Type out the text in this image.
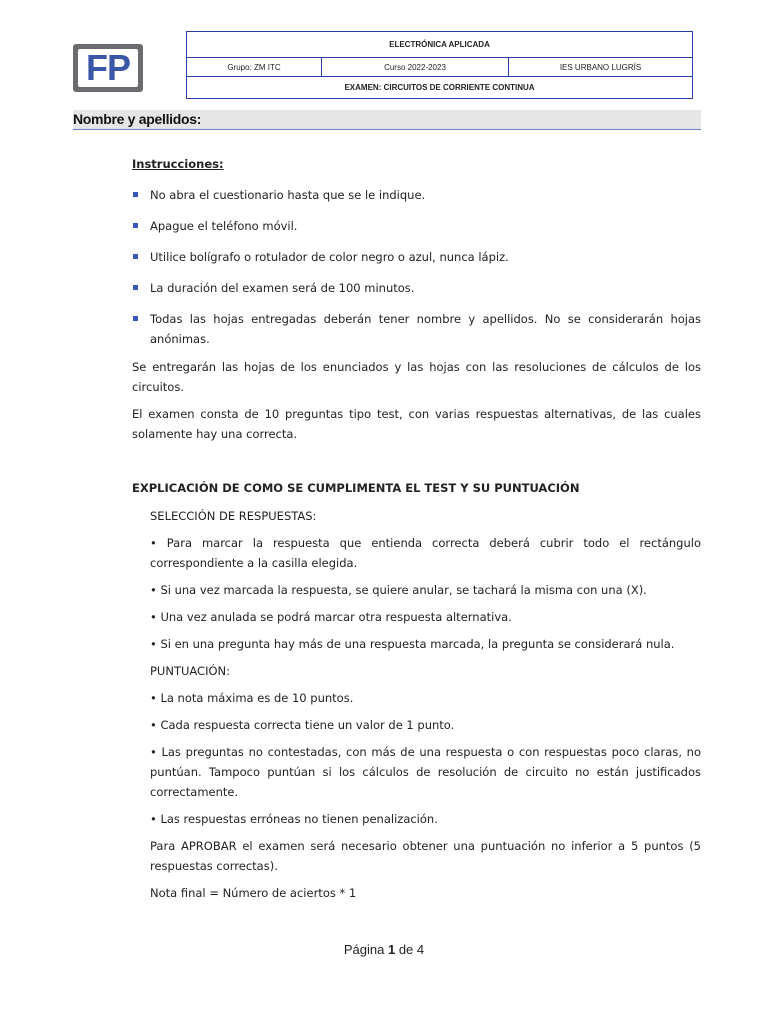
FP
ELECTRÓNICA APLICADA
Grupo: ZM ITC	Curso 2022-2023	IES URBANO LUGRÍS
EXAMEN: CIRCUITOS DE CORRIENTE CONTINUA
Nombre y apellidos:

Instrucciones:

No abra el cuestionario hasta que se le indique.
Apague el teléfono móvil.
Utilice bolígrafo o rotulador de color negro o azul, nunca lápiz.
La duración del examen será de 100 minutos.
Todas las hojas entregadas deberán tener nombre y apellidos. No se considerarán hojas anónimas.

Se entregarán las hojas de los enunciados y las hojas con las resoluciones de cálculos de los circuitos.

El examen consta de 10 preguntas tipo test, con varias respuestas alternativas, de las cuales solamente hay una correcta.

EXPLICACIÓN DE COMO SE CUMPLIMENTA EL TEST Y SU PUNTUACIÓN

SELECCIÓN DE RESPUESTAS:

• Para marcar la respuesta que entienda correcta deberá cubrir todo el rectángulo correspondiente a la casilla elegida.

• Si una vez marcada la respuesta, se quiere anular, se tachará la misma con una (X).

• Una vez anulada se podrá marcar otra respuesta alternativa.

• Si en una pregunta hay más de una respuesta marcada, la pregunta se considerará nula.

PUNTUACIÓN:

• La nota máxima es de 10 puntos.

• Cada respuesta correcta tiene un valor de 1 punto.

• Las preguntas no contestadas, con más de una respuesta o con respuestas poco claras, no puntúan. Tampoco puntúan si los cálculos de resolución de circuito no están justificados correctamente.

• Las respuestas erróneas no tienen penalización.

Para APROBAR el examen será necesario obtener una puntuación no inferior a 5 puntos (5 respuestas correctas).

Nota final = Número de aciertos * 1

Página 1 de 4
